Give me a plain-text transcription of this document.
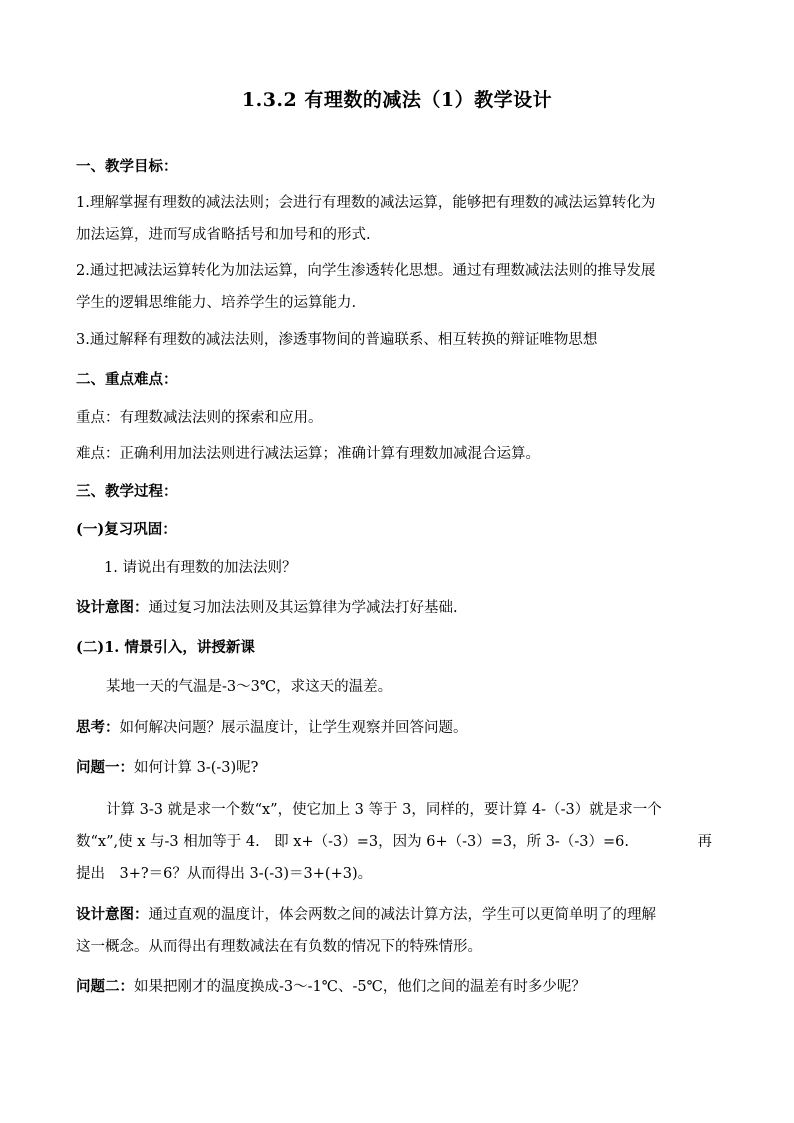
1.3.2 有理数的减法（1）教学设计
一、教学目标：
1.理解掌握有理数的减法法则；会进行有理数的减法运算，能够把有理数的减法运算转化为
加法运算，进而写成省略括号和加号和的形式.
2.通过把减法运算转化为加法运算，向学生渗透转化思想。通过有理数减法法则的推导发展
学生的逻辑思维能力、培养学生的运算能力.
3.通过解释有理数的减法法则，渗透事物间的普遍联系、相互转换的辩证唯物思想
二、重点难点：
重点：有理数减法法则的探索和应用。
难点：正确利用加法法则进行减法运算；准确计算有理数加减混合运算。
三、教学过程：
(一)复习巩固：
1. 请说出有理数的加法法则？
设计意图：通过复习加法法则及其运算律为学减法打好基础.
(二)1. 情景引入，讲授新课
某地一天的气温是-3～3℃，求这天的温差。
思考：如何解决问题？展示温度计，让学生观察并回答问题。
问题一：如何计算 3-(-3)呢?
计算 3-3 就是求一个数“x”，使它加上 3 等于 3，同样的，要计算 4-（-3）就是求一个
数“x”,使 x 与-3 相加等于 4.　即 x+（-3）=3，因为 6+（-3）=3，所 3-（-3）=6.	再
提出　3+?＝6？从而得出 3-(-3)＝3+(+3)。
设计意图：通过直观的温度计，体会两数之间的减法计算方法，学生可以更简单明了的理解
这一概念。从而得出有理数减法在有负数的情况下的特殊情形。
问题二：如果把刚才的温度换成-3～-1℃、-5℃，他们之间的温差有时多少呢？
